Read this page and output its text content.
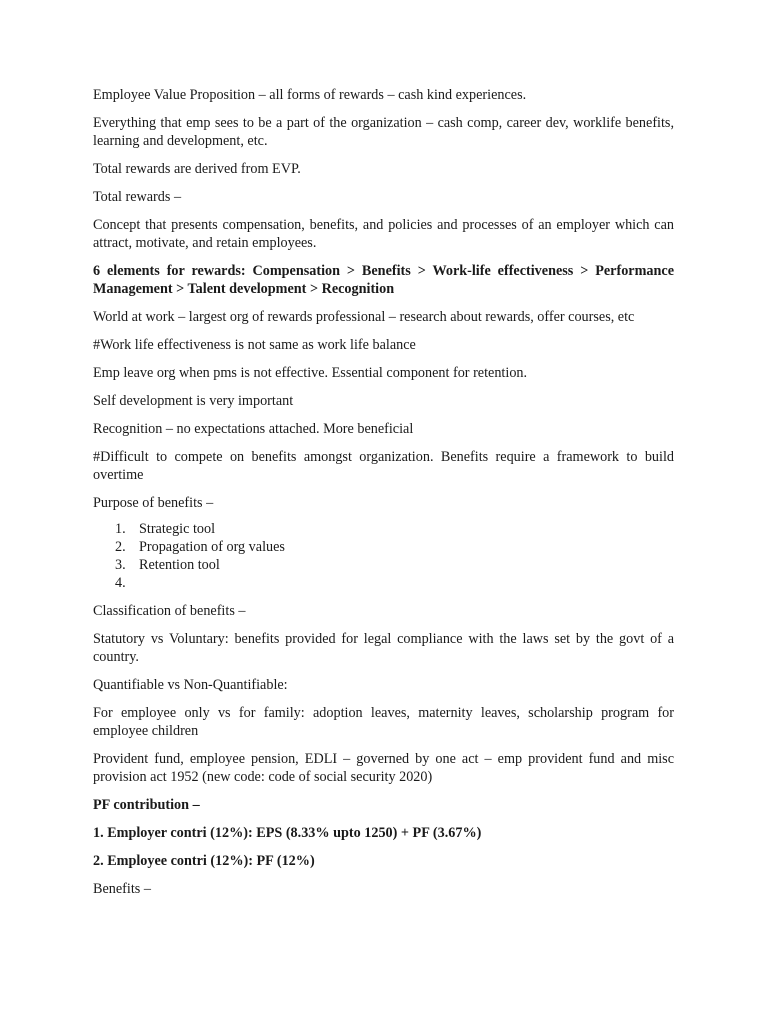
Employee Value Proposition – all forms of rewards – cash kind experiences.

Everything that emp sees to be a part of the organization – cash comp, career dev, worklife benefits, learning and development, etc.

Total rewards are derived from EVP.

Total rewards –

Concept that presents compensation, benefits, and policies and processes of an employer which can attract, motivate, and retain employees.

6 elements for rewards: Compensation > Benefits > Work-life effectiveness > Performance Management > Talent development > Recognition

World at work – largest org of rewards professional – research about rewards, offer courses, etc

#Work life effectiveness is not same as work life balance

Emp leave org when pms is not effective. Essential component for retention.

Self development is very important

Recognition – no expectations attached. More beneficial

#Difficult to compete on benefits amongst organization. Benefits require a framework to build overtime

Purpose of benefits –

1. Strategic tool
2. Propagation of org values
3. Retention tool
4.

Classification of benefits –

Statutory vs Voluntary: benefits provided for legal compliance with the laws set by the govt of a country.

Quantifiable vs Non-Quantifiable:

For employee only vs for family: adoption leaves, maternity leaves, scholarship program for employee children

Provident fund, employee pension, EDLI – governed by one act – emp provident fund and misc provision act 1952 (new code: code of social security 2020)

PF contribution –

1. Employer contri (12%): EPS (8.33% upto 1250) + PF (3.67%)

2. Employee contri (12%): PF (12%)

Benefits –
